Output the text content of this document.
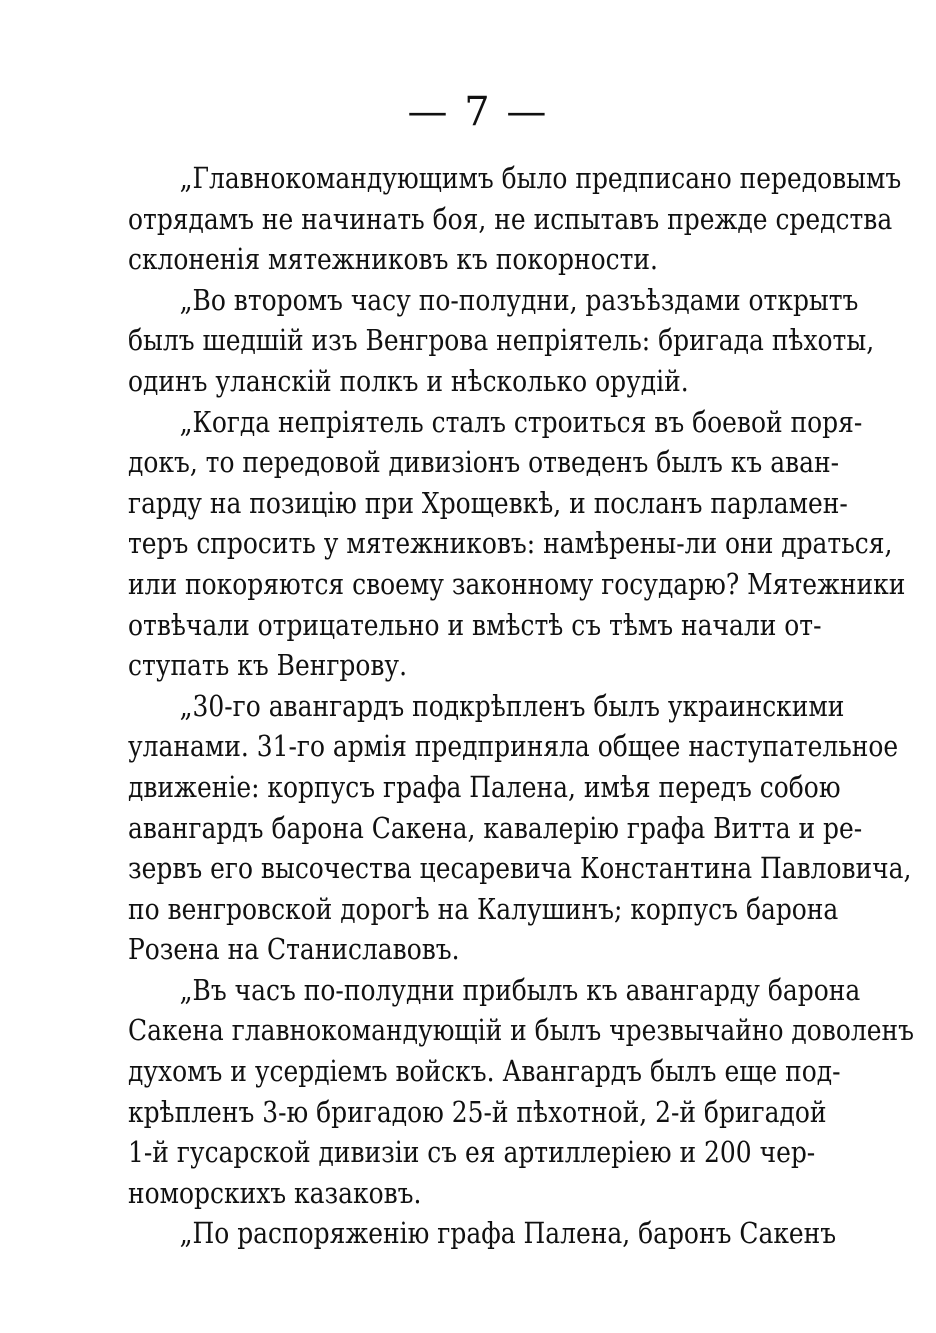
— 7 —
„Главнокомандующимъ было предписано передовымъ
отрядамъ не начинать боя, не испытавъ прежде средства
склоненія мятежниковъ къ покорности.
„Во второмъ часу по-полудни, разъѣздами открытъ
былъ шедшій изъ Венгрова непріятель: бригада пѣхоты,
одинъ уланскій полкъ и нѣсколько орудій.
„Когда непріятель сталъ строиться въ боевой поря-
докъ, то передовой дивизіонъ отведенъ былъ къ аван-
гарду на позицію при Хрощевкѣ, и посланъ парламен-
теръ спросить у мятежниковъ: намѣрены-ли они драться,
или покоряются своему законному государю? Мятежники
отвѣчали отрицательно и вмѣстѣ съ тѣмъ начали от-
ступать къ Венгрову.
„30-го авангардъ подкрѣпленъ былъ украинскими
уланами. 31-го армія предприняла общее наступательное
движеніе: корпусъ графа Палена, имѣя передъ собою
авангардъ барона Сакена, кавалерію графа Витта и ре-
зервъ его высочества цесаревича Константина Павловича,
по венгровской дорогѣ на Калушинъ; корпусъ барона
Розена на Станиславовъ.
„Въ часъ по-полудни прибылъ къ авангарду барона
Сакена главнокомандующій и былъ чрезвычайно доволенъ
духомъ и усердіемъ войскъ. Авангардъ былъ еще под-
крѣпленъ 3-ю бригадою 25-й пѣхотной, 2-й бригадой
1-й гусарской дивизіи съ ея артиллеріею и 200 чер-
номорскихъ казаковъ.
„По распоряженію графа Палена, баронъ Сакенъ
